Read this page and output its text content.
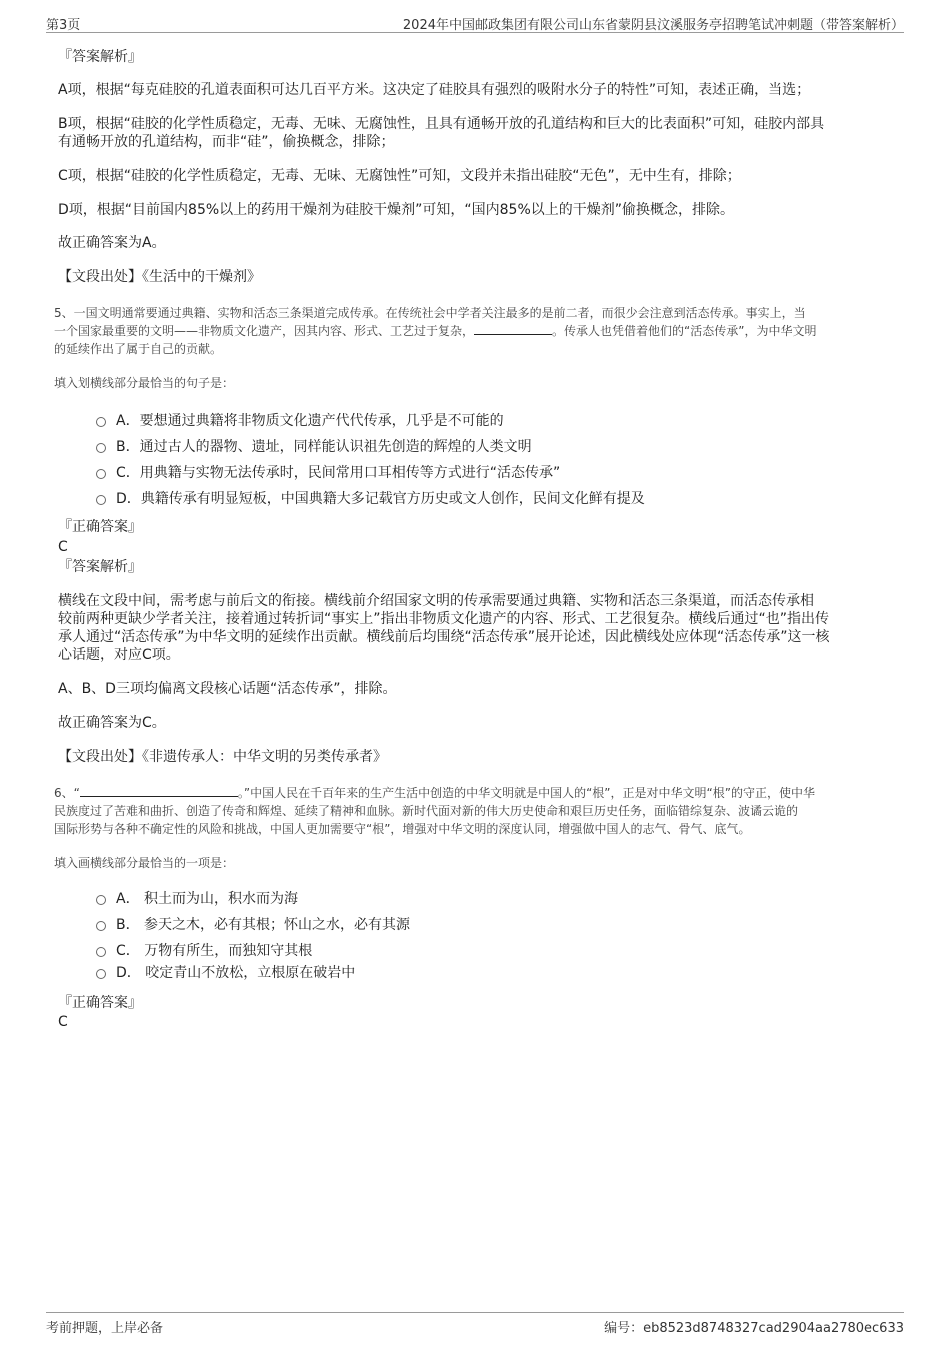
第3页	2024年中国邮政集团有限公司山东省蒙阴县汶溪服务亭招聘笔试冲刺题（带答案解析）
『答案解析』
A项，根据“每克硅胶的孔道表面积可达几百平方米。这决定了硅胶具有强烈的吸附水分子的特性”可知，表述正确，当选；
B项，根据“硅胶的化学性质稳定，无毒、无味、无腐蚀性，且具有通畅开放的孔道结构和巨大的比表面积”可知，硅胶内部具
有通畅开放的孔道结构，而非“硅”，偷换概念，排除；
C项，根据“硅胶的化学性质稳定，无毒、无味、无腐蚀性”可知，文段并未指出硅胶“无色”，无中生有，排除；
D项，根据“目前国内85%以上的药用干燥剂为硅胶干燥剂”可知，“国内85%以上的干燥剂”偷换概念，排除。
故正确答案为A。
【文段出处】《生活中的干燥剂》
5、一国文明通常要通过典籍、实物和活态三条渠道完成传承。在传统社会中学者关注最多的是前二者，而很少会注意到活态传承。事实上，当
一个国家最重要的文明——非物质文化遗产，因其内容、形式、工艺过于复杂，	。传承人也凭借着他们的“活态传承”，为中华文明
的延续作出了属于自己的贡献。
填入划横线部分最恰当的句子是：
A．要想通过典籍将非物质文化遗产代代传承，几乎是不可能的
B．通过古人的器物、遗址，同样能认识祖先创造的辉煌的人类文明
C．用典籍与实物无法传承时，民间常用口耳相传等方式进行“活态传承”
D．典籍传承有明显短板，中国典籍大多记载官方历史或文人创作，民间文化鲜有提及
『正确答案』
C
『答案解析』
横线在文段中间，需考虑与前后文的衔接。横线前介绍国家文明的传承需要通过典籍、实物和活态三条渠道，而活态传承相
较前两种更缺少学者关注，接着通过转折词“事实上”指出非物质文化遗产的内容、形式、工艺很复杂。横线后通过“也”指出传
承人通过“活态传承”为中华文明的延续作出贡献。横线前后均围绕“活态传承”展开论述，因此横线处应体现“活态传承”这一核
心话题，对应C项。
A、B、D三项均偏离文段核心话题“活态传承”，排除。
故正确答案为C。
【文段出处】《非遗传承人：中华文明的另类传承者》
6、“	。”中国人民在千百年来的生产生活中创造的中华文明就是中国人的“根”，正是对中华文明“根”的守正，使中华
民族度过了苦难和曲折、创造了传奇和辉煌、延续了精神和血脉。新时代面对新的伟大历史使命和艰巨历史任务，面临错综复杂、波谲云诡的
国际形势与各种不确定性的风险和挑战，中国人更加需要守“根”，增强对中华文明的深度认同，增强做中国人的志气、骨气、底气。
填入画横线部分最恰当的一项是：
A． 积土而为山，积水而为海
B． 参天之木，必有其根；怀山之水，必有其源
C． 万物有所生，而独知守其根
D． 咬定青山不放松，立根原在破岩中
『正确答案』
C
考前押题，上岸必备	编号：eb8523d8748327cad2904aa2780ec633
